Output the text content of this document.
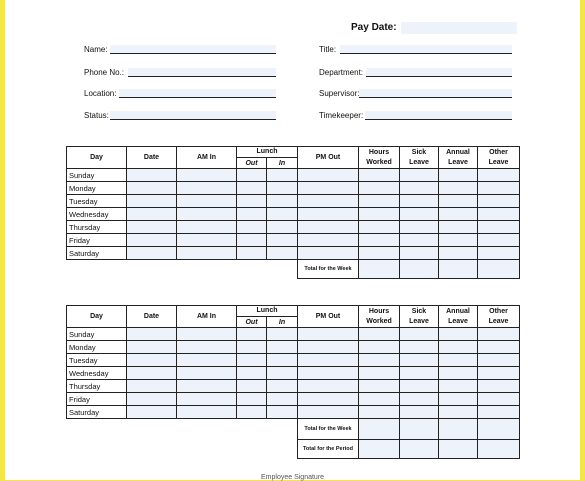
Pay Date:
Name:
Phone No.:
Location:
Status:
Title:
Department:
Supervisor:
Timekeeper:
Day	Date	AM In	Lunch		PM Out	Hours Worked	Sick Leave	Annual Leave	Other Leave
			Out	In					
Sunday									
Monday									
Tuesday									
Wednesday									
Thursday									
Friday									
Saturday									
					Total for the Week				
Day	Date	AM In	Lunch		PM Out	Hours Worked	Sick Leave	Annual Leave	Other Leave
			Out	In					
Sunday									
Monday									
Tuesday									
Wednesday									
Thursday									
Friday									
Saturday									
					Total for the Week				
					Total for the Period				
Employee Signature
